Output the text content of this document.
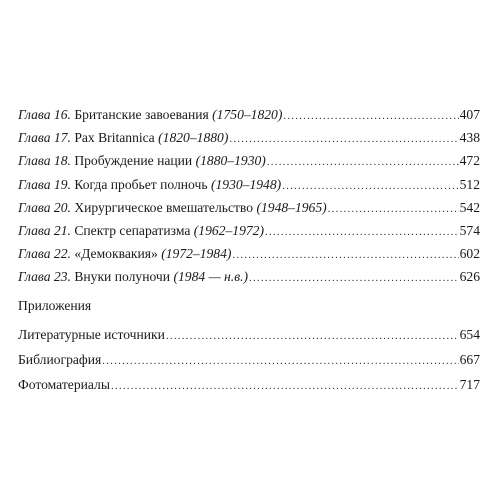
Глава 16. Британские завоевания (1750–1820) .....	407
Глава 17. Pax Britannica (1820–1880) .....	438
Глава 18. Пробуждение нации (1880–1930) .....	472
Глава 19. Когда пробьет полночь (1930–1948) .....	512
Глава 20. Хирургическое вмешательство (1948–1965) .....	542
Глава 21. Спектр сепаратизма (1962–1972) .....	574
Глава 22. «Демоквакия» (1972–1984) .....	602
Глава 23. Внуки полуночи (1984 — н.в.) .....	626
Приложения
Литературные источники .....	654
Библиография .....	667
Фотоматериалы .....	717
